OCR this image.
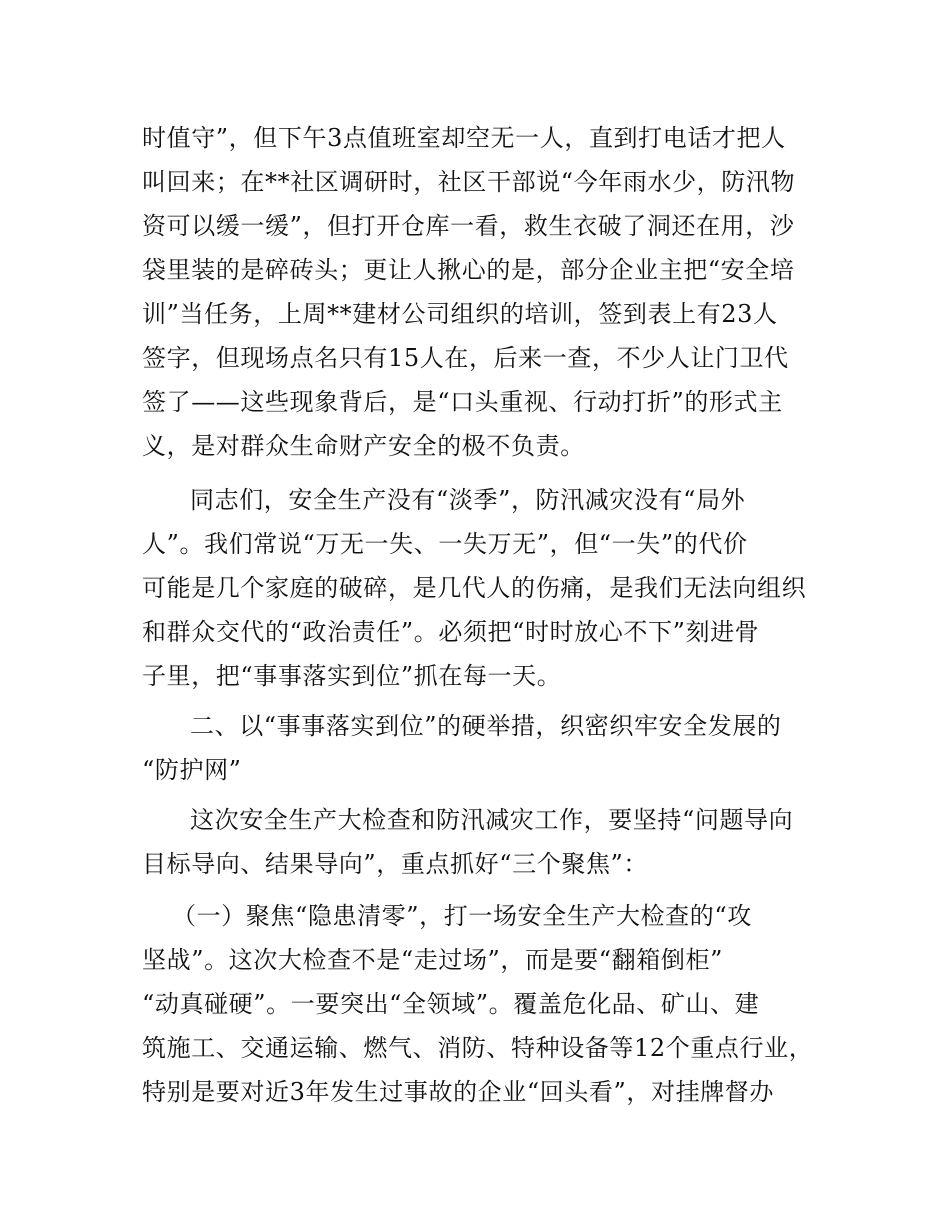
时值守”，但下午3点值班室却空无一人，直到打电话才把人
叫回来；在**社区调研时，社区干部说“今年雨水少，防汛物
资可以缓一缓”，但打开仓库一看，救生衣破了洞还在用，沙
袋里装的是碎砖头；更让人揪心的是，部分企业主把“安全培
训”当任务，上周**建材公司组织的培训，签到表上有23人
签字，但现场点名只有15人在，后来一查，不少人让门卫代
签了——这些现象背后，是“口头重视、行动打折”的形式主
义，是对群众生命财产安全的极不负责。
同志们，安全生产没有“淡季”，防汛减灾没有“局外
人”。我们常说“万无一失、一失万无”，但“一失”的代价
可能是几个家庭的破碎，是几代人的伤痛，是我们无法向组织
和群众交代的“政治责任”。必须把“时时放心不下”刻进骨
子里，把“事事落实到位”抓在每一天。
二、以“事事落实到位”的硬举措，织密织牢安全发展的
“防护网”
这次安全生产大检查和防汛减灾工作，要坚持“问题导向
目标导向、结果导向”，重点抓好“三个聚焦”：
（一）聚焦“隐患清零”，打一场安全生产大检查的“攻
坚战”。这次大检查不是“走过场”，而是要“翻箱倒柜”
“动真碰硬”。一要突出“全领域”。覆盖危化品、矿山、建
筑施工、交通运输、燃气、消防、特种设备等12个重点行业，
特别是要对近3年发生过事故的企业“回头看”，对挂牌督办
